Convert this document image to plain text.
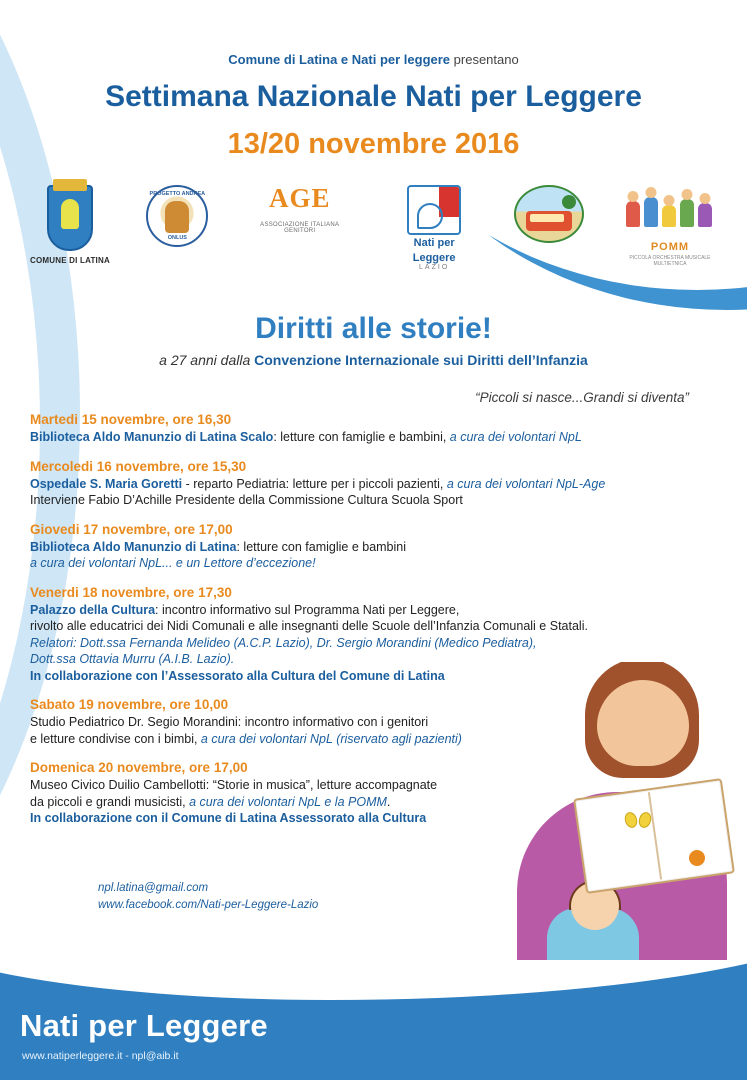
Comune di Latina e Nati per leggere presentano
Settimana Nazionale Nati per Leggere
13/20 novembre 2016
COMUNE DI LATINA
PROGETTO ANDREA
ONLUS
AGE
ASSOCIAZIONE ITALIANA GENITORI
Nati per
Leggere
LAZIO
POMM
PICCOLA ORCHESTRA MUSICALE MULTIETNICA
Diritti alle storie!
a 27 anni dalla Convenzione Internazionale sui Diritti dell’Infanzia
“Piccoli si nasce...Grandi si diventa”
Martedi 15 novembre, ore 16,30
Biblioteca Aldo Manunzio di Latina Scalo: letture con famiglie e bambini, a cura dei volontari NpL
Mercoledi 16 novembre, ore 15,30
Ospedale S. Maria Goretti - reparto Pediatria: letture per i piccoli pazienti, a cura dei volontari NpL-Age
Interviene Fabio D’Achille Presidente della Commissione Cultura Scuola Sport
Giovedi 17 novembre, ore 17,00
Biblioteca Aldo Manunzio di Latina: letture con famiglie e bambini
a cura dei volontari NpL... e un Lettore d’eccezione!
Venerdi 18 novembre, ore 17,30
Palazzo della Cultura: incontro informativo sul Programma Nati per Leggere,
rivolto alle educatrici dei Nidi Comunali e alle insegnanti delle Scuole dell’Infanzia Comunali e Statali.
Relatori: Dott.ssa Fernanda Melideo (A.C.P. Lazio), Dr. Sergio Morandini (Medico Pediatra),
Dott.ssa Ottavia Murru (A.I.B. Lazio).
In collaborazione con l’Assessorato alla Cultura del Comune di Latina
Sabato 19 novembre, ore 10,00
Studio Pediatrico Dr. Segio Morandini: incontro informativo con i genitori
e letture condivise con i bimbi, a cura dei volontari NpL (riservato agli pazienti)
Domenica 20 novembre, ore 17,00
Museo Civico Duilio Cambellotti: “Storie in musica”, letture accompagnate
da piccoli e grandi musicisti, a cura dei volontari NpL e la POMM.
In collaborazione con il Comune di Latina Assessorato alla Cultura
npl.latina@gmail.com
www.facebook.com/Nati-per-Leggere-Lazio
Nati per Leggere
www.natiperleggere.it - npl@aib.it
